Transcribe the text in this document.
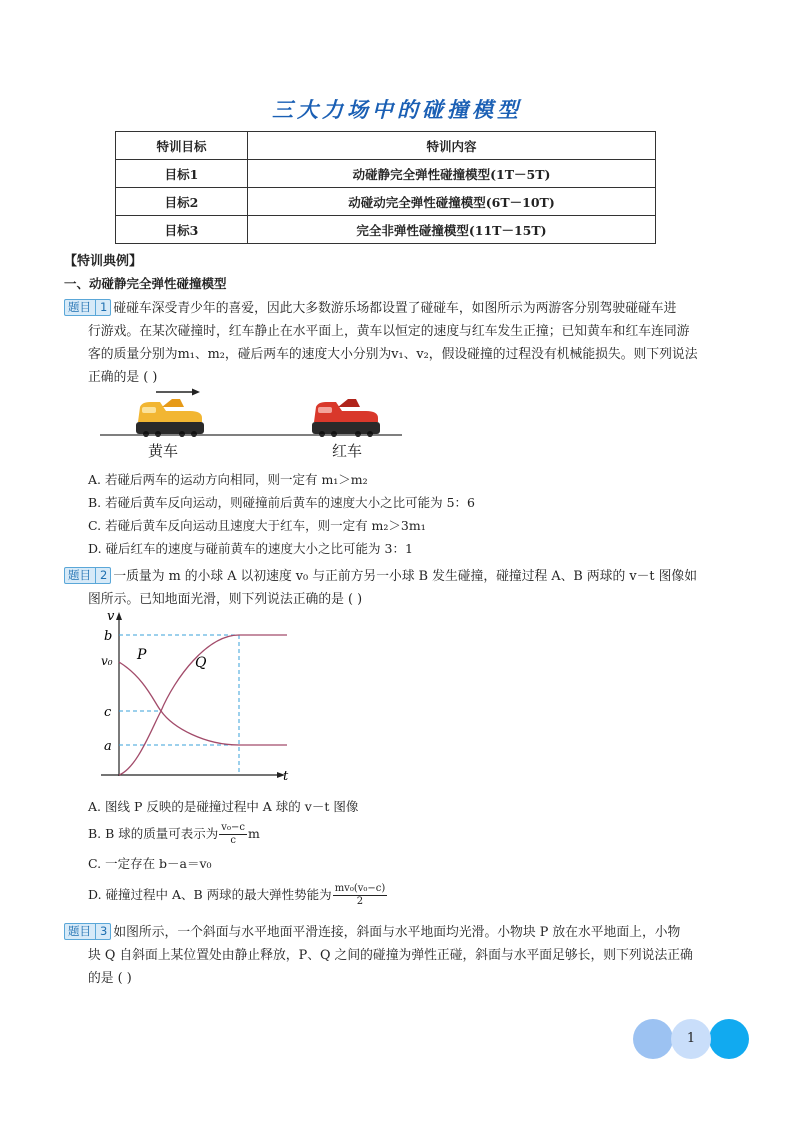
三大力场中的碰撞模型
特训目标	特训内容
目标1	动碰静完全弹性碰撞模型(1T－5T)
目标2	动碰动完全弹性碰撞模型(6T－10T)
目标3	完全非弹性碰撞模型(11T－15T)
【特训典例】
一、动碰静完全弹性碰撞模型
题目 1 碰碰车深受青少年的喜爱，因此大多数游乐场都设置了碰碰车，如图所示为两游客分别驾驶碰碰车进
行游戏。在某次碰撞时，红车静止在水平面上，黄车以恒定的速度与红车发生正撞；已知黄车和红车连同游
客的质量分别为m₁、m₂，碰后两车的速度大小分别为v₁、v₂，假设碰撞的过程没有机械能损失。则下列说法
正确的是 ( )
黄车	红车
A. 若碰后两车的运动方向相同，则一定有 m₁＞m₂
B. 若碰后黄车反向运动，则碰撞前后黄车的速度大小之比可能为 5：6
C. 若碰后黄车反向运动且速度大于红车，则一定有 m₂＞3m₁
D. 碰后红车的速度与碰前黄车的速度大小之比可能为 3：1
题目 2 一质量为 m 的小球 A 以初速度 v₀ 与正前方另一小球 B 发生碰撞，碰撞过程 A、B 两球的 v－t 图像如
图所示。已知地面光滑，则下列说法正确的是 ( )
v
t
b
v₀
c
a
P	Q
A. 图线 P 反映的是碰撞过程中 A 球的 v－t 图像
B. B 球的质量可表示为 $\frac{\text{v₀−c}}{c}$ m
C. 一定存在 b－a＝v₀
D. 碰撞过程中 A、B 两球的最大弹性势能为 $\frac{\text{mv₀(v₀−c)}}{2}$
题目 3 如图所示，一个斜面与水平地面平滑连接，斜面与水平地面均光滑。小物块 P 放在水平地面上，小物
块 Q 自斜面上某位置处由静止释放，P、Q 之间的碰撞为弹性正碰，斜面与水平面足够长，则下列说法正确
的是 ( )
1
